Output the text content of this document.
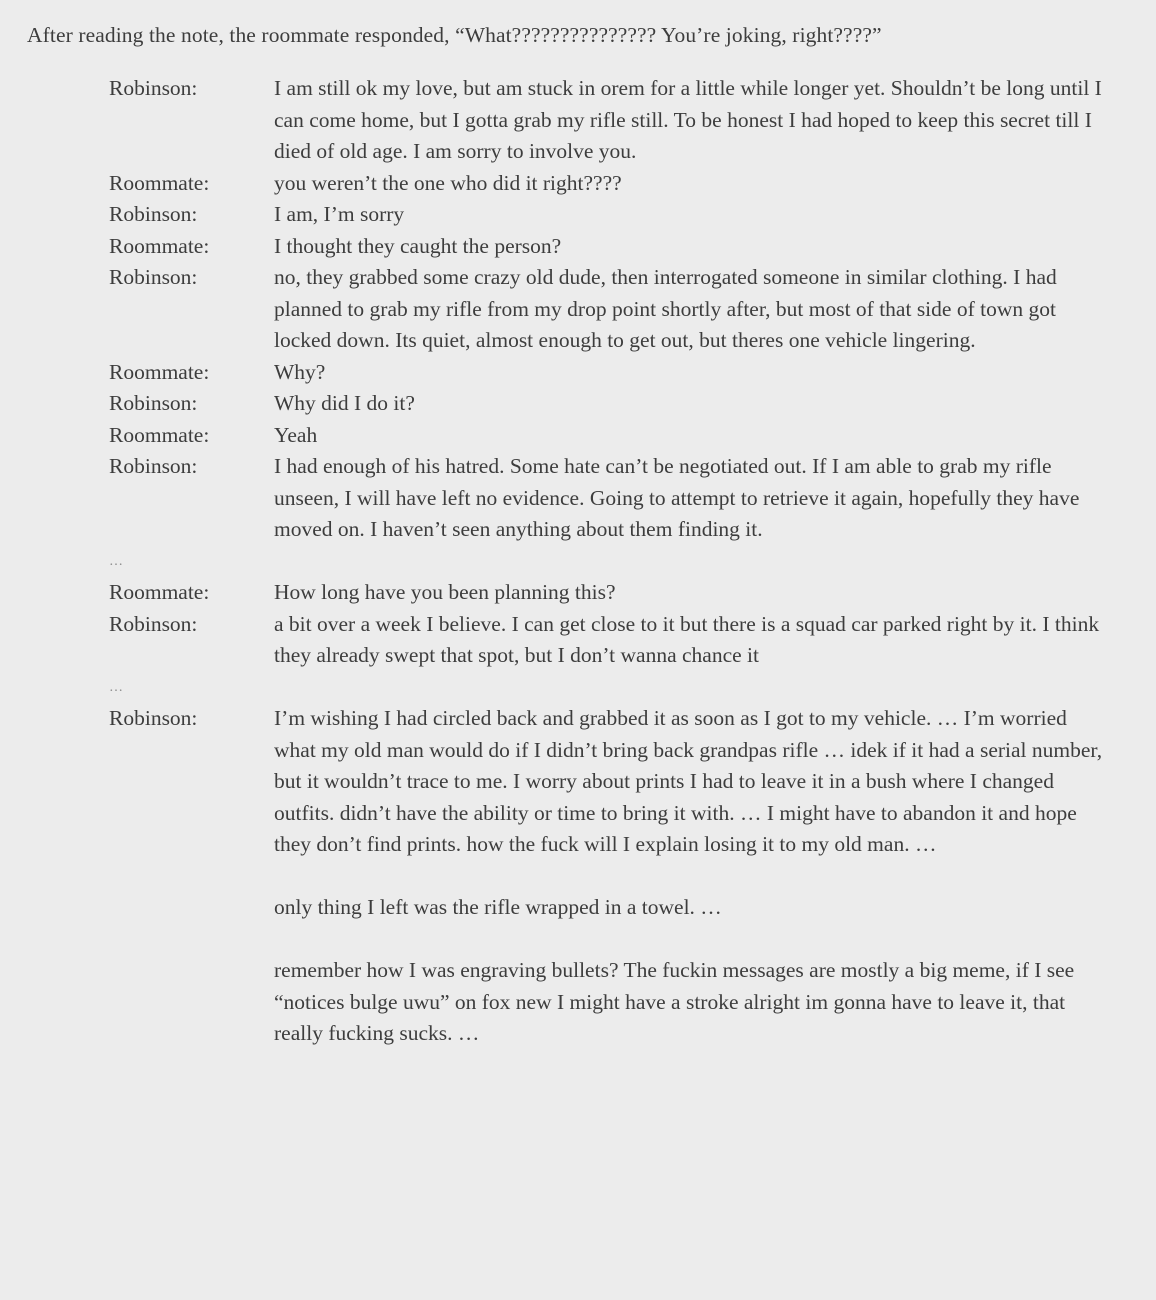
After reading the note, the roommate responded, “What??????????????? You’re joking, right????”
Robinson:	I am still ok my love, but am stuck in orem for a little while longer yet. Shouldn’t be long until I can come home, but I gotta grab my rifle still. To be honest I had hoped to keep this secret till I died of old age. I am sorry to involve you.

Roommate:	you weren’t the one who did it right????

Robinson:	I am, I’m sorry

Roommate:	I thought they caught the person?

Robinson:	no, they grabbed some crazy old dude, then interrogated someone in similar clothing. I had planned to grab my rifle from my drop point shortly after, but most of that side of town got locked down. Its quiet, almost enough to get out, but theres one vehicle lingering.

Roommate:	Why?

Robinson:	Why did I do it?

Roommate:	Yeah

Robinson:	I had enough of his hatred. Some hate can’t be negotiated out. If I am able to grab my rifle unseen, I will have left no evidence. Going to attempt to retrieve it again, hopefully they have moved on. I haven’t seen anything about them finding it.

…
Roommate:	How long have you been planning this?

Robinson:	a bit over a week I believe. I can get close to it but there is a squad car parked right by it. I think they already swept that spot, but I don’t wanna chance it

…
Robinson:	I’m wishing I had circled back and grabbed it as soon as I got to my vehicle. … I’m worried what my old man would do if I didn’t bring back grandpas rifle … idek if it had a serial number, but it wouldn’t trace to me. I worry about prints I had to leave it in a bush where I changed outfits. didn’t have the ability or time to bring it with. … I might have to abandon it and hope they don’t find prints. how the fuck will I explain losing it to my old man. …

only thing I left was the rifle wrapped in a towel. …

remember how I was engraving bullets? The fuckin messages are mostly a big meme, if I see “notices bulge uwu” on fox new I might have a stroke alright im gonna have to leave it, that really fucking sucks. …
